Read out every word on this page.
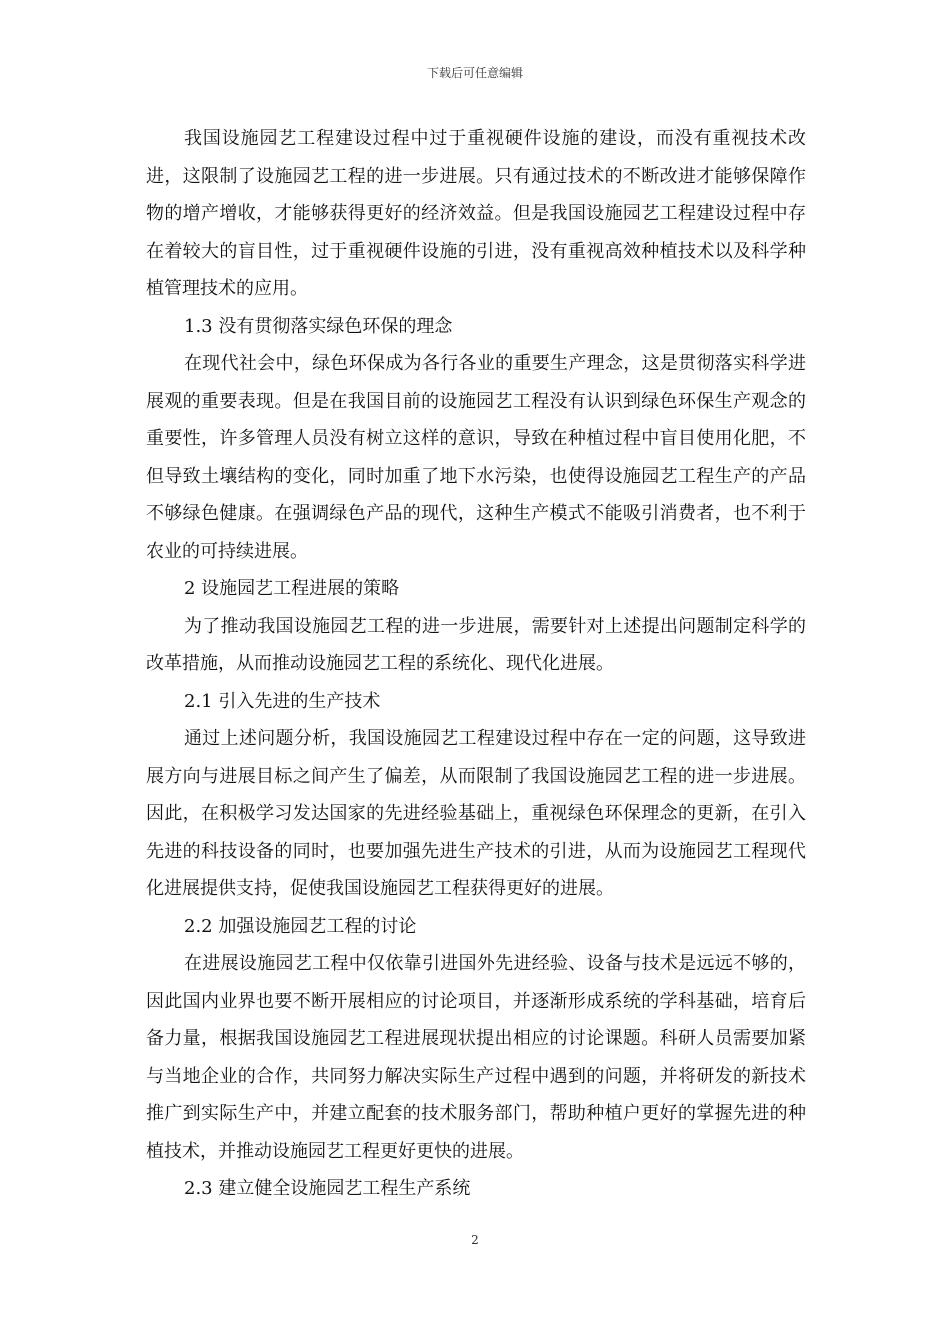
下载后可任意编辑

我国设施园艺工程建设过程中过于重视硬件设施的建设，而没有重视技术改进，这限制了设施园艺工程的进一步进展。只有通过技术的不断改进才能够保障作物的增产增收，才能够获得更好的经济效益。但是我国设施园艺工程建设过程中存在着较大的盲目性，过于重视硬件设施的引进，没有重视高效种植技术以及科学种植管理技术的应用。

1.3 没有贯彻落实绿色环保的理念

在现代社会中，绿色环保成为各行各业的重要生产理念，这是贯彻落实科学进展观的重要表现。但是在我国目前的设施园艺工程没有认识到绿色环保生产观念的重要性，许多管理人员没有树立这样的意识，导致在种植过程中盲目使用化肥，不但导致土壤结构的变化，同时加重了地下水污染，也使得设施园艺工程生产的产品不够绿色健康。在强调绿色产品的现代，这种生产模式不能吸引消费者，也不利于农业的可持续进展。

2 设施园艺工程进展的策略

为了推动我国设施园艺工程的进一步进展，需要针对上述提出问题制定科学的改革措施，从而推动设施园艺工程的系统化、现代化进展。

2.1 引入先进的生产技术

通过上述问题分析，我国设施园艺工程建设过程中存在一定的问题，这导致进展方向与进展目标之间产生了偏差，从而限制了我国设施园艺工程的进一步进展。因此，在积极学习发达国家的先进经验基础上，重视绿色环保理念的更新，在引入先进的科技设备的同时，也要加强先进生产技术的引进，从而为设施园艺工程现代化进展提供支持，促使我国设施园艺工程获得更好的进展。

2.2 加强设施园艺工程的讨论

在进展设施园艺工程中仅依靠引进国外先进经验、设备与技术是远远不够的，因此国内业界也要不断开展相应的讨论项目，并逐渐形成系统的学科基础，培育后备力量，根据我国设施园艺工程进展现状提出相应的讨论课题。科研人员需要加紧与当地企业的合作，共同努力解决实际生产过程中遇到的问题，并将研发的新技术推广到实际生产中，并建立配套的技术服务部门，帮助种植户更好的掌握先进的种植技术，并推动设施园艺工程更好更快的进展。

2.3 建立健全设施园艺工程生产系统

2
